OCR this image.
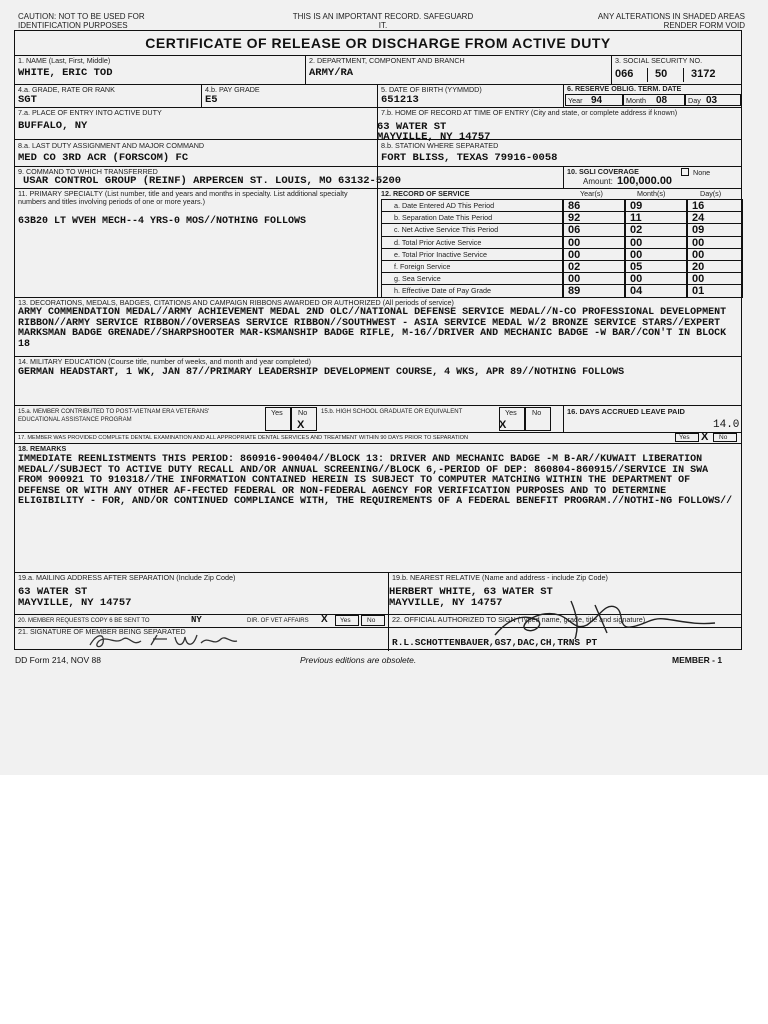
CAUTION: NOT TO BE USED FOR IDENTIFICATION PURPOSES
THIS IS AN IMPORTANT RECORD. SAFEGUARD IT.
ANY ALTERATIONS IN SHADED AREAS RENDER FORM VOID
CERTIFICATE OF RELEASE OR DISCHARGE FROM ACTIVE DUTY
1. NAME (Last, First, Middle)
WHITE, ERIC TOD
2. DEPARTMENT, COMPONENT AND BRANCH
ARMY/RA
3. SOCIAL SECURITY NO.
066 50 3172
4.a. GRADE, RATE OR RANK
SGT
4.b. PAY GRADE
E5
5. DATE OF BIRTH (YYMMDD)
651213
6. RESERVE OBLIG. TERM. DATE
Year 94	Month 08	Day 03
7.a. PLACE OF ENTRY INTO ACTIVE DUTY
BUFFALO, NY
7.b. HOME OF RECORD AT TIME OF ENTRY (City and state, or complete address if known)
63 WATER ST
MAYVILLE, NY 14757
8.a. LAST DUTY ASSIGNMENT AND MAJOR COMMAND
MED CO 3RD ACR (FORSCOM) FC
8.b. STATION WHERE SEPARATED
FORT BLISS, TEXAS 79916-0058
9. COMMAND TO WHICH TRANSFERRED
USAR CONTROL GROUP (REINF) ARPERCEN ST. LOUIS, MO 63132-5200
10. SGLI COVERAGE	None
Amount: 100,000.00
11. PRIMARY SPECIALTY (List number, title and years and months in specialty. List additional specialty numbers and titles involving periods of one or more years.)
63B20 LT WVEH MECH--4 YRS-0 MOS//NOTHING FOLLOWS
12. RECORD OF SERVICE	Year(s)	Month(s)	Day(s)
a. Date Entered AD This Period	86	09	16
b. Separation Date This Period	92	11	24
c. Net Active Service This Period	06	02	09
d. Total Prior Active Service	00	00	00
e. Total Prior Inactive Service	00	00	00
f. Foreign Service	02	05	20
g. Sea Service	00	00	00
h. Effective Date of Pay Grade	89	04	01
13. DECORATIONS, MEDALS, BADGES, CITATIONS AND CAMPAIGN RIBBONS AWARDED OR AUTHORIZED (All periods of service)
ARMY COMMENDATION MEDAL//ARMY ACHIEVEMENT MEDAL 2ND OLC//NATIONAL DEFENSE SERVICE MEDAL//N-CO PROFESSIONAL DEVELOPMENT RIBBON//ARMY SERVICE RIBBON//OVERSEAS SERVICE RIBBON//SOUTHWEST - ASIA SERVICE MEDAL W/2 BRONZE SERVICE STARS//EXPERT MARKSMAN BADGE GRENADE//SHARPSHOOTER MAR-KSMANSHIP BADGE RIFLE, M-16//DRIVER AND MECHANIC BADGE -W BAR//CON'T IN BLOCK 18
14. MILITARY EDUCATION (Course title, number of weeks, and month and year completed)
GERMAN HEADSTART, 1 WK, JAN 87//PRIMARY LEADERSHIP DEVELOPMENT COURSE, 4 WKS, APR 89//NOTHING FOLLOWS
15.a. MEMBER CONTRIBUTED TO POST-VIETNAM ERA VETERANS' EDUCATIONAL ASSISTANCE PROGRAM
Yes No
X
15.b. HIGH SCHOOL GRADUATE OR EQUIVALENT	Yes No
X
16. DAYS ACCRUED LEAVE PAID
14.0
17. MEMBER WAS PROVIDED COMPLETE DENTAL EXAMINATION AND ALL APPROPRIATE DENTAL SERVICES AND TREATMENT WITHIN 90 DAYS PRIOR TO SEPARATION	Yes	No
X
18. REMARKS
IMMEDIATE REENLISTMENTS THIS PERIOD: 860916-900404//BLOCK 13: DRIVER AND MECHANIC BADGE -M B-AR//KUWAIT LIBERATION MEDAL//SUBJECT TO ACTIVE DUTY RECALL AND/OR ANNUAL SCREENING//BLOCK 6,-PERIOD OF DEP: 860804-860915//SERVICE IN SWA FROM 900921 TO 910318//THE INFORMATION CONTAINED HEREIN IS SUBJECT TO COMPUTER MATCHING WITHIN THE DEPARTMENT OF DEFENSE OR WITH ANY OTHER AF-FECTED FEDERAL OR NON-FEDERAL AGENCY FOR VERIFICATION PURPOSES AND TO DETERMINE ELIGIBILITY - FOR, AND/OR CONTINUED COMPLIANCE WITH, THE REQUIREMENTS OF A FEDERAL BENEFIT PROGRAM.//NOTHI-NG FOLLOWS//
19.a. MAILING ADDRESS AFTER SEPARATION (Include Zip Code)
63 WATER ST
MAYVILLE, NY 14757
19.b. NEAREST RELATIVE (Name and address - include Zip Code)
HERBERT WHITE, 63 WATER ST
MAYVILLE, NY 14757
20. MEMBER REQUESTS COPY 6 BE SENT TO	NY	DIR. OF VET AFFAIRS X Yes	No
21. SIGNATURE OF MEMBER BEING SEPARATED
22. OFFICIAL AUTHORIZED TO SIGN (Typed name, grade, title and signature)
R.L.SCHOTTENBAUER,GS7,DAC,CH,TRNS PT
DD Form 214, NOV 88	Previous editions are obsolete.	MEMBER - 1
